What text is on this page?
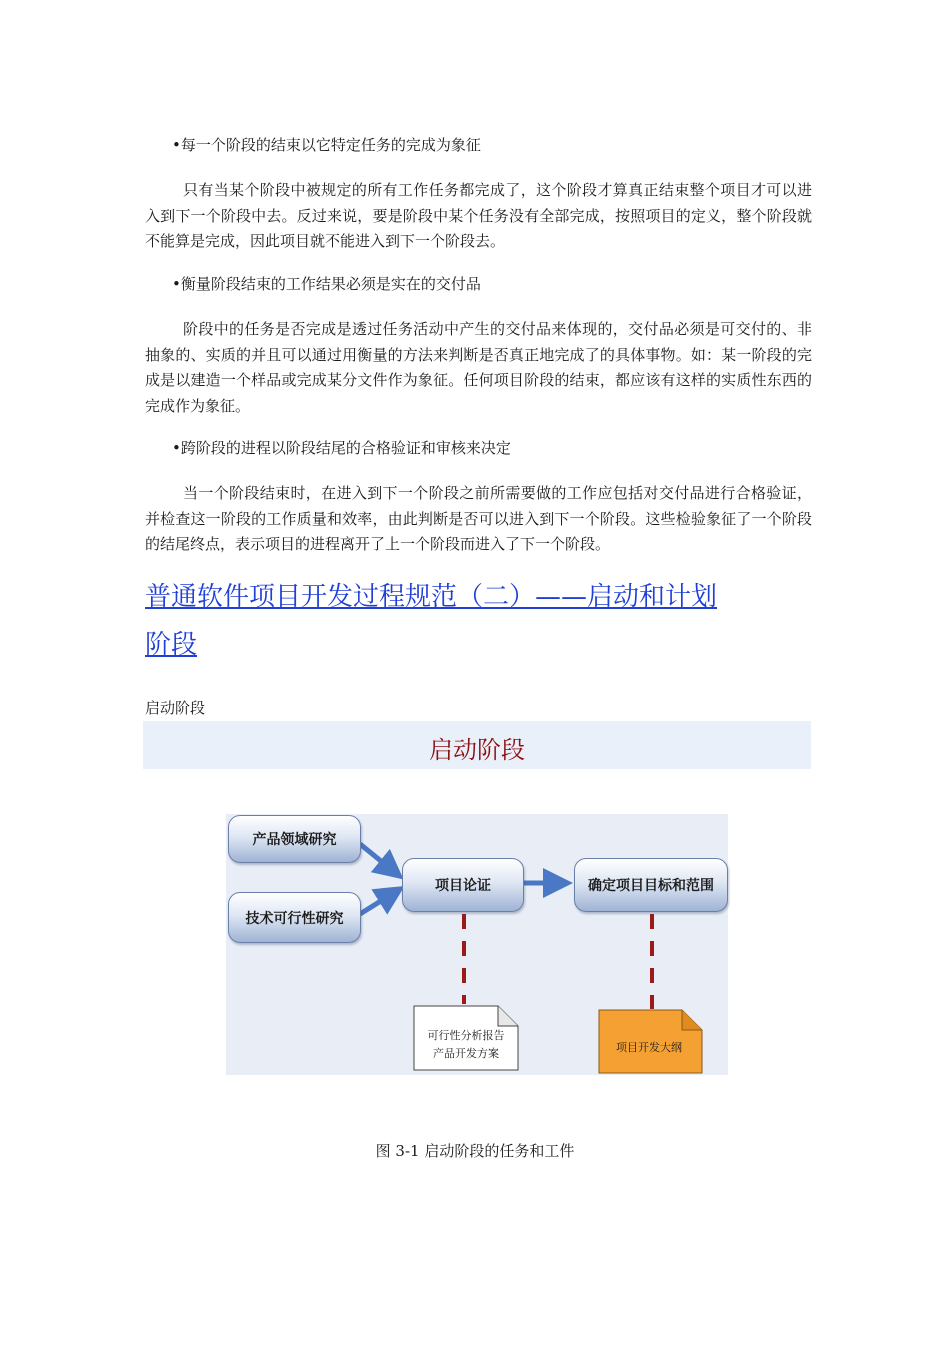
•每一个阶段的结束以它特定任务的完成为象征
只有当某个阶段中被规定的所有工作任务都完成了，这个阶段才算真正结束整个项目才可以进入到下一个阶段中去。反过来说，要是阶段中某个任务没有全部完成，按照项目的定义，整个阶段就不能算是完成，因此项目就不能进入到下一个阶段去。
•衡量阶段结束的工作结果必须是实在的交付品
阶段中的任务是否完成是透过任务活动中产生的交付品来体现的，交付品必须是可交付的、非抽象的、实质的并且可以通过用衡量的方法来判断是否真正地完成了的具体事物。如：某一阶段的完成是以建造一个样品或完成某分文件作为象征。任何项目阶段的结束，都应该有这样的实质性东西的完成作为象征。
•跨阶段的进程以阶段结尾的合格验证和审核来决定
当一个阶段结束时，在进入到下一个阶段之前所需要做的工作应包括对交付品进行合格验证，并检查这一阶段的工作质量和效率，由此判断是否可以进入到下一个阶段。这些检验象征了一个阶段的结尾终点，表示项目的进程离开了上一个阶段而进入了下一个阶段。
普通软件项目开发过程规范（二）——启动和计划
阶段
启动阶段
启动阶段
可行性分析报告
产品开发方案	项目开发大纲
产品领域研究
技术可行性研究
项目论证	确定项目目标和范围
图 3-1 启动阶段的任务和工件
